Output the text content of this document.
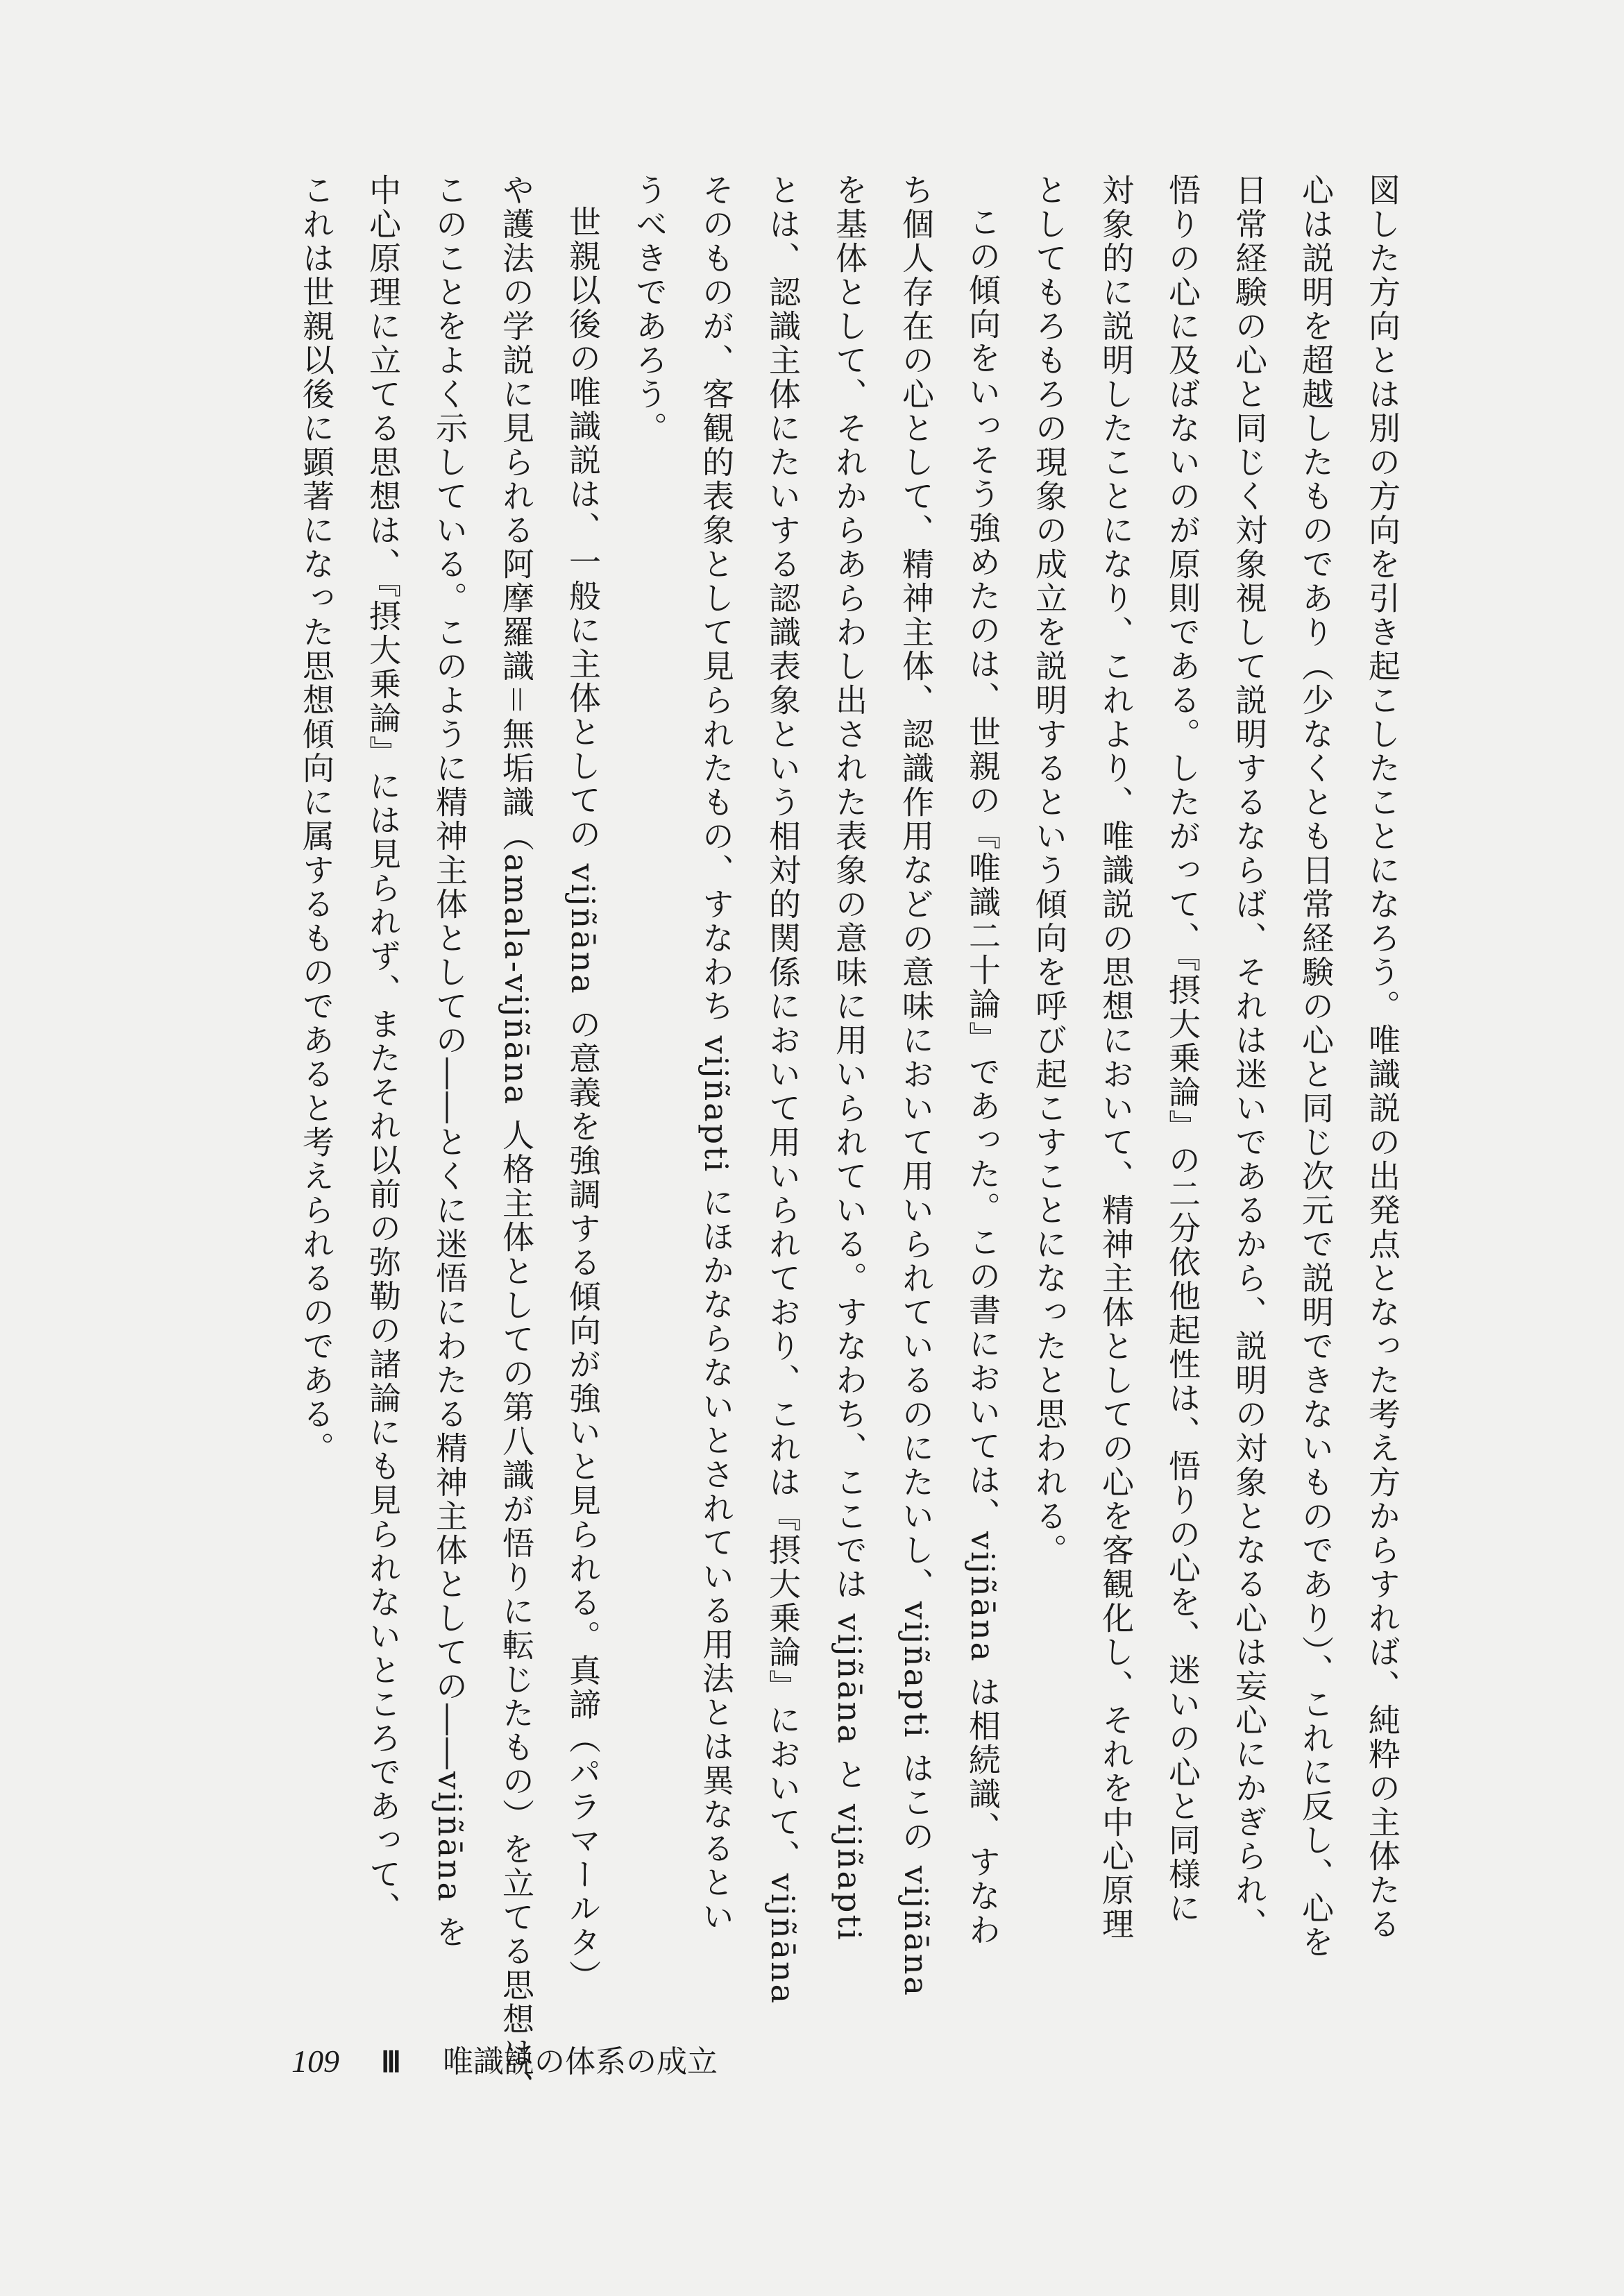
図した方向とは別の方向を引き起こしたことになろう。唯識説の出発点となった考え方からすれば、純粋の主体たる
心は説明を超越したものであり（少なくとも日常経験の心と同じ次元で説明できないものであり）、これに反し、心を
日常経験の心と同じく対象視して説明するならば、それは迷いであるから、説明の対象となる心は妄心にかぎられ、
悟りの心に及ばないのが原則である。したがって、『摂大乗論』の二分依他起性は、悟りの心を、迷いの心と同様に
対象的に説明したことになり、これより、唯識説の思想において、精神主体としての心を客観化し、それを中心原理
としてもろもろの現象の成立を説明するという傾向を呼び起こすことになったと思われる。
この傾向をいっそう強めたのは、世親の『唯識二十論』であった。この書においては、vijñāna は相続識、すなわ
ち個人存在の心として、精神主体、認識作用などの意味において用いられているのにたいし、vijñapti はこの vijñāna
を基体として、それからあらわし出された表象の意味に用いられている。すなわち、ここでは vijñāna と vijñapti
とは、認識主体にたいする認識表象という相対的関係において用いられており、これは『摂大乗論』において、vijñāna
そのものが、客観的表象として見られたもの、すなわち vijñapti にほかならないとされている用法とは異なるとい
うべきであろう。
世親以後の唯識説は、一般に主体としての vijñāna の意義を強調する傾向が強いと見られる。真諦（パラマールタ）
や護法の学説に見られる阿摩羅識＝無垢識（amala-vijñāna 人格主体としての第八識が悟りに転じたもの）を立てる思想は、
このことをよく示している。このように精神主体としての――とくに迷悟にわたる精神主体としての――vijñāna を
中心原理に立てる思想は、『摂大乗論』には見られず、またそれ以前の弥勒の諸論にも見られないところであって、
これは世親以後に顕著になった思想傾向に属するものであると考えられるのである。
109 Ⅲ 唯識説の体系の成立
